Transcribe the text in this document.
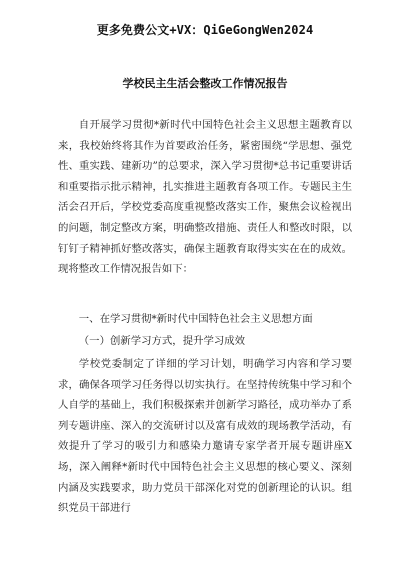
更多免费公文+VX：QiGeGongWen2024
学校民主生活会整改工作情况报告

自开展学习贯彻*新时代中国特色社会主义思想主题教育以来，我校始终将其作为首要政治任务，紧密围绕“学思想、强党性、重实践、建新功”的总要求，深入学习贯彻*总书记重要讲话和重要指示批示精神，扎实推进主题教育各项工作。专题民主生活会召开后，学校党委高度重视整改落实工作，聚焦会议检视出的问题，制定整改方案，明确整改措施、责任人和整改时限，以钉钉子精神抓好整改落实，确保主题教育取得实实在在的成效。现将整改工作情况报告如下：

一、在学习贯彻*新时代中国特色社会主义思想方面

（一）创新学习方式，提升学习成效

学校党委制定了详细的学习计划，明确学习内容和学习要求，确保各项学习任务得以切实执行。在坚持传统集中学习和个人自学的基础上，我们积极探索并创新学习路径，成功举办了系列专题讲座、深入的交流研讨以及富有成效的现场教学活动，有效提升了学习的吸引力和感染力邀请专家学者开展专题讲座X场，深入阐释*新时代中国特色社会主义思想的核心要义、深刻内涵及实践要求，助力党员干部深化对党的创新理论的认识。组织党员干部进行
